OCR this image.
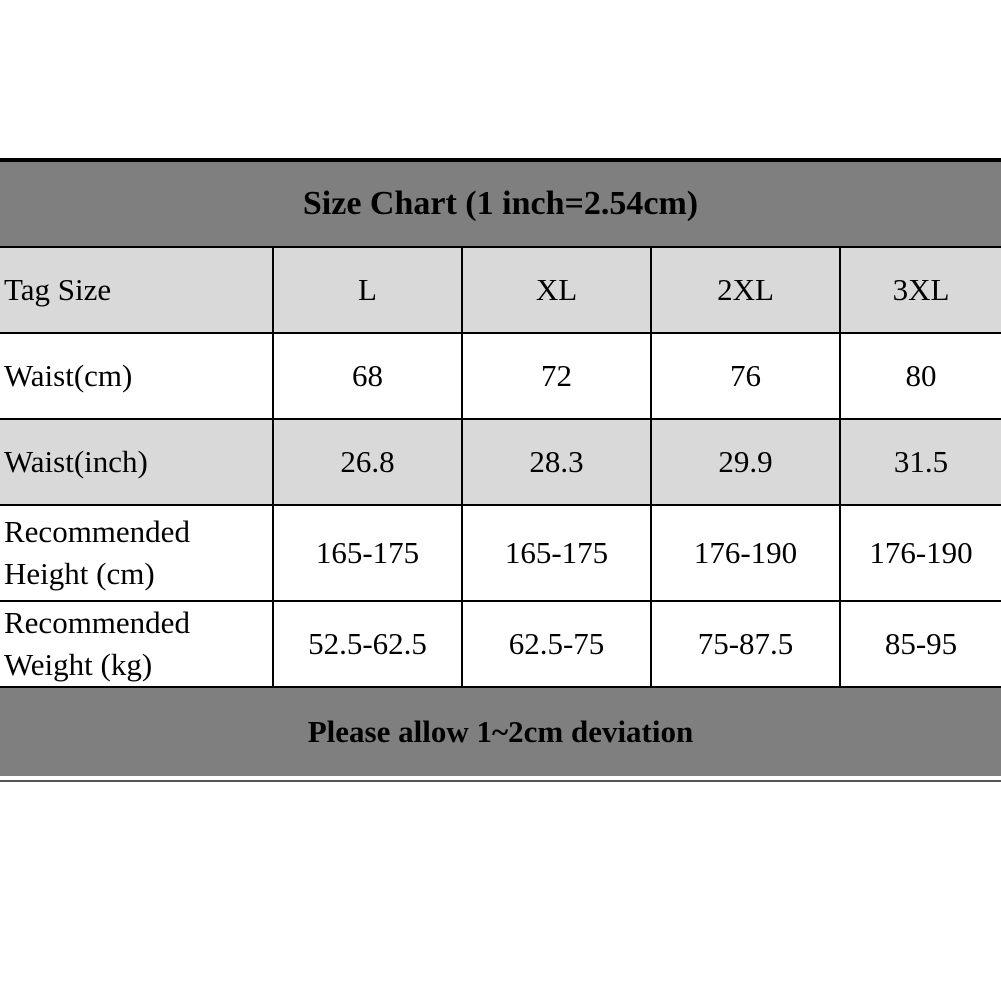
Size Chart (1 inch=2.54cm)
Tag Size	L	XL	2XL	3XL
Waist(cm)	68	72	76	80
Waist(inch)	26.8	28.3	29.9	31.5
Recommended
Height (cm)	165-175	165-175	176-190	176-190
Recommended
Weight (kg)	52.5-62.5	62.5-75	75-87.5	85-95
Please allow 1~2cm deviation
